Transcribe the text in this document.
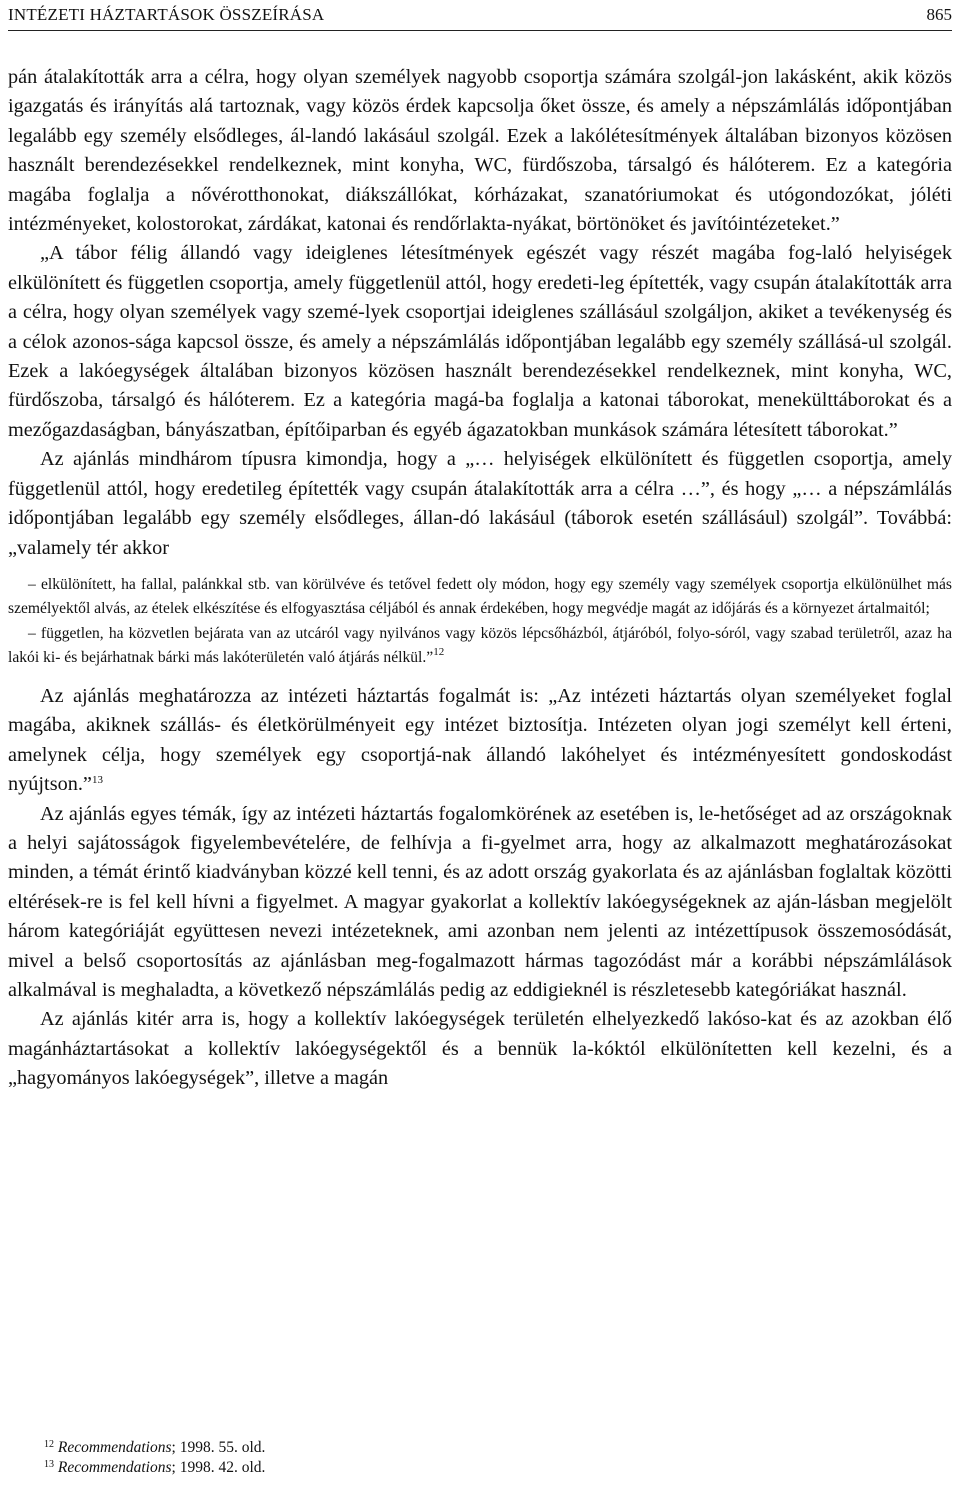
INTÉZETI HÁZTARTÁSOK ÖSSZEÍRÁSA	865

pán átalakították arra a célra, hogy olyan személyek nagyobb csoportja számára szolgál-jon lakásként, akik közös igazgatás és irányítás alá tartoznak, vagy közös érdek kapcsolja őket össze, és amely a népszámlálás időpontjában legalább egy személy elsődleges, ál-landó lakásául szolgál. Ezek a lakólétesítmények általában bizonyos közösen használt berendezésekkel rendelkeznek, mint konyha, WC, fürdőszoba, társalgó és hálóterem. Ez a kategória magába foglalja a nővérotthonokat, diákszállókat, kórházakat, szanatóriumokat és utógondozókat, jóléti intézményeket, kolostorokat, zárdákat, katonai és rendőrlakta-nyákat, börtönöket és javítóintézeteket.”

„A tábor félig állandó vagy ideiglenes létesítmények egészét vagy részét magába fog-laló helyiségek elkülönített és független csoportja, amely függetlenül attól, hogy eredeti-leg építették, vagy csupán átalakították arra a célra, hogy olyan személyek vagy szemé-lyek csoportjai ideiglenes szállásául szolgáljon, akiket a tevékenység és a célok azonos-sága kapcsol össze, és amely a népszámlálás időpontjában legalább egy személy szállásá-ul szolgál. Ezek a lakóegységek általában bizonyos közösen használt berendezésekkel rendelkeznek, mint konyha, WC, fürdőszoba, társalgó és hálóterem. Ez a kategória magá-ba foglalja a katonai táborokat, menekülttáborokat és a mezőgazdaságban, bányászatban, építőiparban és egyéb ágazatokban munkások számára létesített táborokat.”

Az ajánlás mindhárom típusra kimondja, hogy a „… helyiségek elkülönített és független csoportja, amely függetlenül attól, hogy eredetileg építették vagy csupán átalakították arra a célra …”, és hogy „… a népszámlálás időpontjában legalább egy személy elsődleges, állan-dó lakásául (táborok esetén szállásául) szolgál”. Továbbá: „valamely tér akkor

– elkülönített, ha fallal, palánkkal stb. van körülvéve és tetővel fedett oly módon, hogy egy személy vagy személyek csoportja elkülönülhet más személyektől alvás, az ételek elkészítése és elfogyasztása céljából és annak érdekében, hogy megvédje magát az időjárás és a környezet ártalmaitól;

– független, ha közvetlen bejárata van az utcáról vagy nyilvános vagy közös lépcsőházból, átjáróból, folyo-sóról, vagy szabad területről, azaz ha lakói ki- és bejárhatnak bárki más lakóterületén való átjárás nélkül.”$^{12}$

Az ajánlás meghatározza az intézeti háztartás fogalmát is: „Az intézeti háztartás olyan személyeket foglal magába, akiknek szállás- és életkörülményeit egy intézet biztosítja. Intézeten olyan jogi személyt kell érteni, amelynek célja, hogy személyek egy csoportjá-nak állandó lakóhelyet és intézményesített gondoskodást nyújtson.”$^{13}$

Az ajánlás egyes témák, így az intézeti háztartás fogalomkörének az esetében is, le-hetőséget ad az országoknak a helyi sajátosságok figyelembevételére, de felhívja a fi-gyelmet arra, hogy az alkalmazott meghatározásokat minden, a témát érintő kiadványban közzé kell tenni, és az adott ország gyakorlata és az ajánlásban foglaltak közötti eltérések-re is fel kell hívni a figyelmet. A magyar gyakorlat a kollektív lakóegységeknek az aján-lásban megjelölt három kategóriáját együttesen nevezi intézeteknek, ami azonban nem jelenti az intézettípusok összemosódását, mivel a belső csoportosítás az ajánlásban meg-fogalmazott hármas tagozódást már a korábbi népszámlálások alkalmával is meghaladta, a következő népszámlálás pedig az eddigieknél is részletesebb kategóriákat használ.

Az ajánlás kitér arra is, hogy a kollektív lakóegységek területén elhelyezkedő lakóso-kat és az azokban élő magánháztartásokat a kollektív lakóegységektől és a bennük la-kóktól elkülönítetten kell kezelni, és a „hagyományos lakóegységek”, illetve a magán

$^{12}$ Recommendations; 1998. 55. old.

$^{13}$ Recommendations; 1998. 42. old.
